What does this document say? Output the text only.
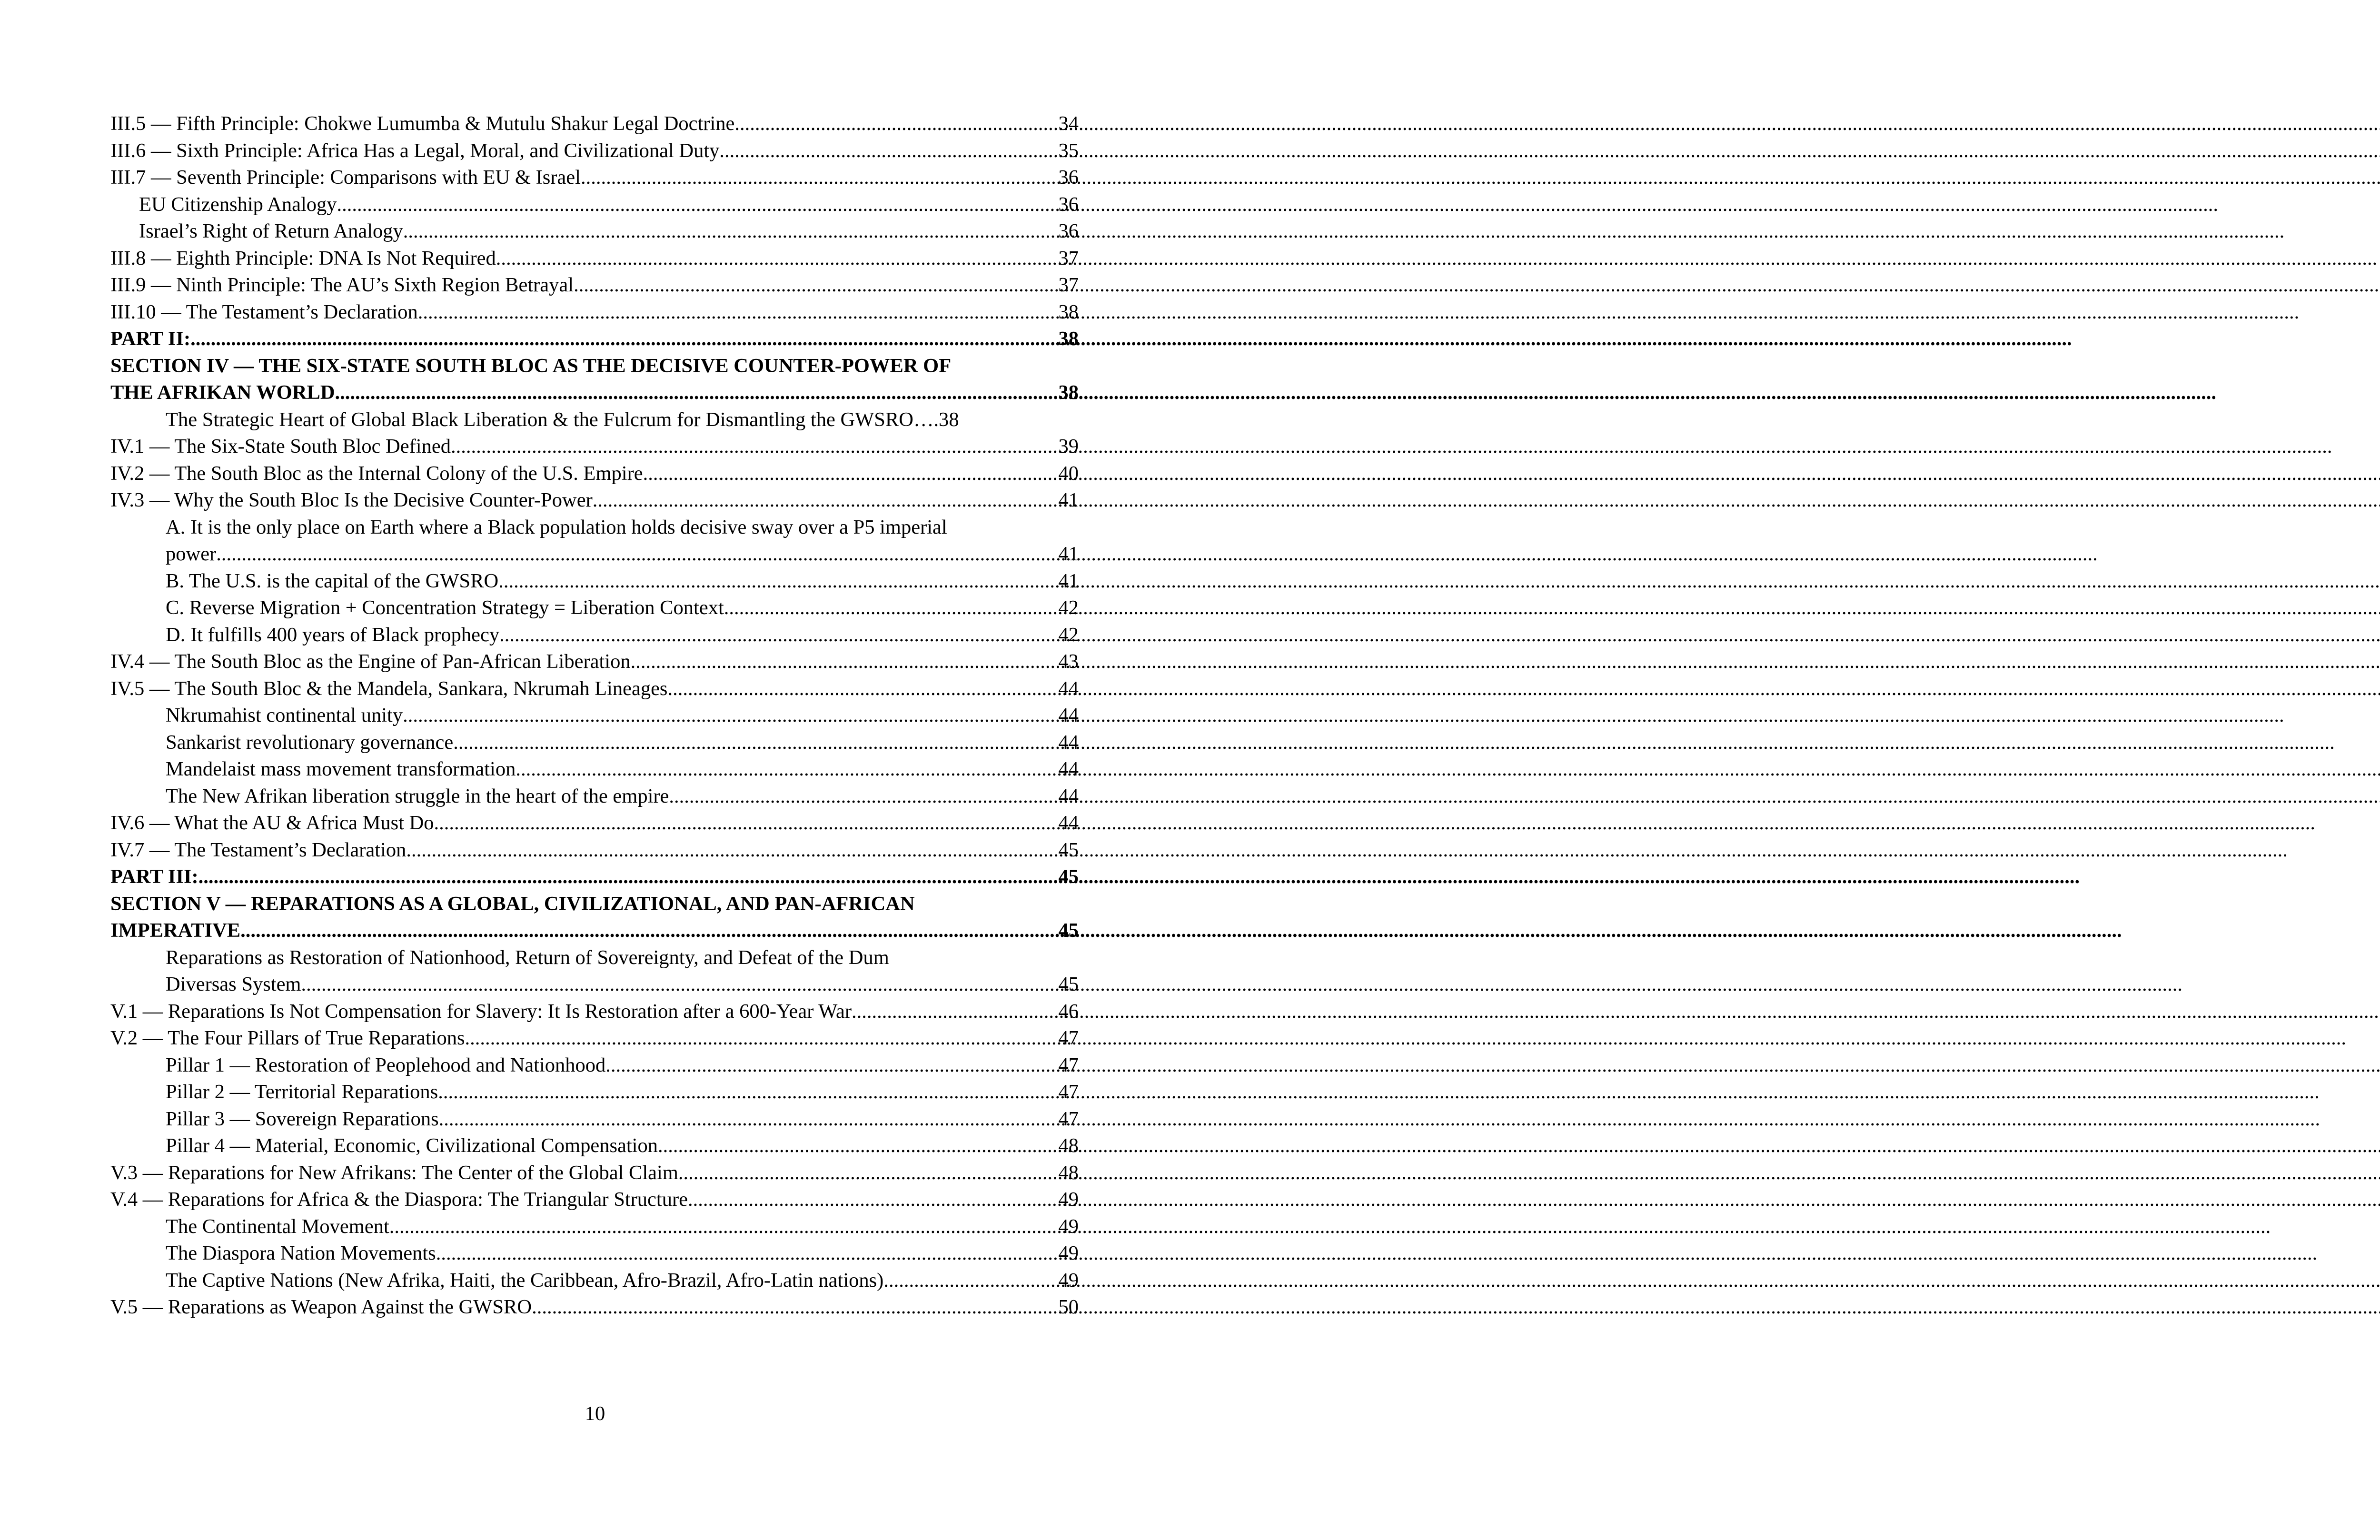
III.5 — Fifth Principle: Chokwe Lumumba & Mutulu Shakur Legal Doctrine .....	34
III.6 — Sixth Principle: Africa Has a Legal, Moral, and Civilizational Duty .....	35
III.7 — Seventh Principle: Comparisons with EU & Israel .....	36
EU Citizenship Analogy .....	36
Israel’s Right of Return Analogy .....	36
III.8 — Eighth Principle: DNA Is Not Required .....	37
III.9 — Ninth Principle: The AU’s Sixth Region Betrayal .....	37
III.10 — The Testament’s Declaration .....	38
PART II: .....	38
SECTION IV — THE SIX-STATE SOUTH BLOC AS THE DECISIVE COUNTER-POWER OF
THE AFRIKAN WORLD .....	38
The Strategic Heart of Global Black Liberation & the Fulcrum for Dismantling the GWSRO …. 38
IV.1 — The Six-State South Bloc Defined .....	39
IV.2 — The South Bloc as the Internal Colony of the U.S. Empire .....	40
IV.3 — Why the South Bloc Is the Decisive Counter-Power .....	41
A. It is the only place on Earth where a Black population holds decisive sway over a P5 imperial
power .....	41
B. The U.S. is the capital of the GWSRO. .....	41
C. Reverse Migration + Concentration Strategy = Liberation Context .....	42
D. It fulfills 400 years of Black prophecy .....	42
IV.4 — The South Bloc as the Engine of Pan-African Liberation .....	43
IV.5 — The South Bloc & the Mandela, Sankara, Nkrumah Lineages .....	44
Nkrumahist continental unity .....	44
Sankarist revolutionary governance .....	44
Mandelaist mass movement transformation .....	44
The New Afrikan liberation struggle in the heart of the empire .....	44
IV.6 — What the AU & Africa Must Do .....	44
IV.7 — The Testament’s Declaration .....	45
PART III: .....	45
SECTION V — REPARATIONS AS A GLOBAL, CIVILIZATIONAL, AND PAN-AFRICAN
IMPERATIVE .....	45
Reparations as Restoration of Nationhood, Return of Sovereignty, and Defeat of the Dum
Diversas System .....	45
V.1 — Reparations Is Not Compensation for Slavery: It Is Restoration after a 600-Year War .....	46
V.2 — The Four Pillars of True Reparations .....	47
Pillar 1 — Restoration of Peoplehood and Nationhood .....	47
Pillar 2 — Territorial Reparations .....	47
Pillar 3 — Sovereign Reparations .....	47
Pillar 4 — Material, Economic, Civilizational Compensation .....	48
V.3 — Reparations for New Afrikans: The Center of the Global Claim .....	48
V.4 — Reparations for Africa & the Diaspora: The Triangular Structure .....	49
The Continental Movement .....	49
The Diaspora Nation Movements .....	49
The Captive Nations (New Afrika, Haiti, the Caribbean, Afro-Brazil, Afro-Latin nations) .....	49
V.5 — Reparations as Weapon Against the GWSRO .....	50
10
